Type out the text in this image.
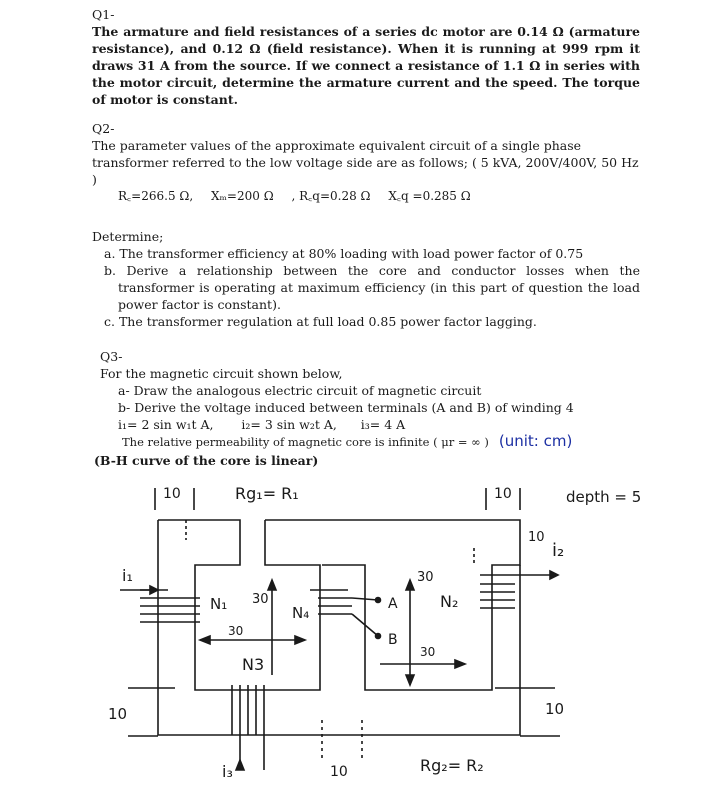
Q1-

The armature and field resistances of a series dc motor are 0.14 Ω (armature resistance), and 0.12 Ω (field resistance). When it is running at 999 rpm it draws 31 A from the source. If we connect a resistance of 1.1 Ω in series with the motor circuit, determine the armature current and the speed. The torque of motor is constant.

Q2-

The parameter values of the approximate equivalent circuit of a single phase transformer referred to the low voltage side are as follows; ( 5 kVA, 200V/400V, 50 Hz )

R꜀=266.5 Ω, Xₘ=200 Ω , R꜀q=0.28 Ω X꜀q =0.285 Ω

Determine;

a. The transformer efficiency at 80% loading with load power factor of 0.75

b. Derive a relationship between the core and conductor losses when the transformer is operating at maximum efficiency (in this part of question the load power factor is constant).

c. The transformer regulation at full load 0.85 power factor lagging.

Q3-

For the magnetic circuit shown below,

a- Draw the analogous electric circuit of magnetic circuit

b- Derive the voltage induced between terminals (A and B) of winding 4

i₁= 2 sin w₁t A, i₂= 3 sin w₂t A, i₃= 4 A

The relative permeability of magnetic core is infinite ( μr = ∞ ) (unit: cm)

(B-H curve of the core is linear)

10	Rg₁= R₁	10	depth = 5
10
i₁
i₂
N₁ 30
N₄
30
N3
A
B
30
N₂
30
10	10
i₃	10	Rg₂= R₂
